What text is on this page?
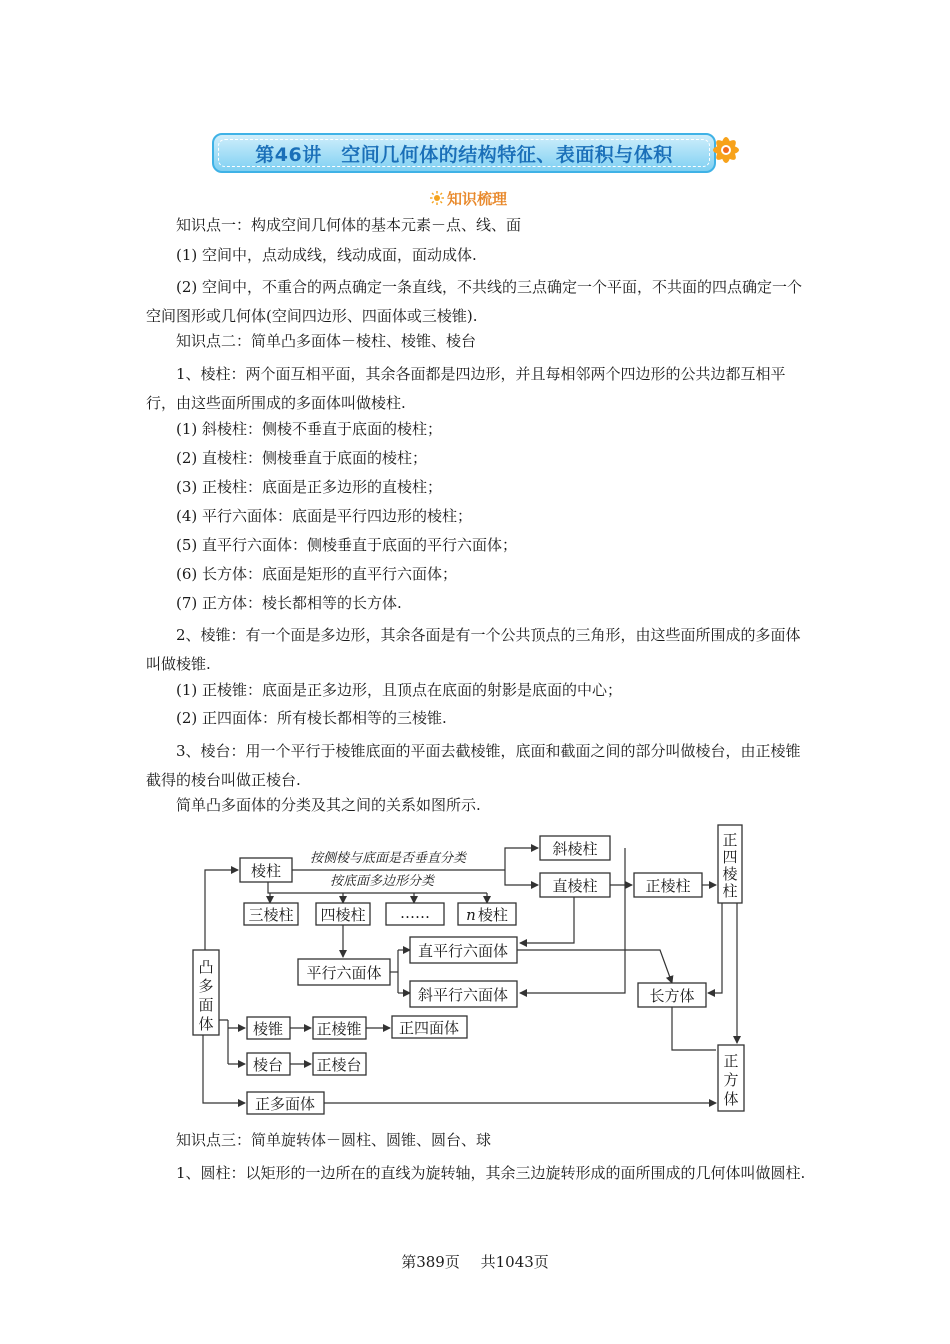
第46讲　空间几何体的结构特征、表面积与体积
知识梳理

知识点一：构成空间几何体的基本元素－点、线、面

(1) 空间中，点动成线，线动成面，面动成体.

(2) 空间中，不重合的两点确定一条直线，不共线的三点确定一个平面，不共面的四点确定一个空间图形或几何体(空间四边形、四面体或三棱锥).

知识点二：简单凸多面体－棱柱、棱锥、棱台

1、棱柱：两个面互相平面，其余各面都是四边形，并且每相邻两个四边形的公共边都互相平行，由这些面所围成的多面体叫做棱柱.

(1) 斜棱柱：侧棱不垂直于底面的棱柱；

(2) 直棱柱：侧棱垂直于底面的棱柱；

(3) 正棱柱：底面是正多边形的直棱柱；

(4) 平行六面体：底面是平行四边形的棱柱；

(5) 直平行六面体：侧棱垂直于底面的平行六面体；

(6) 长方体：底面是矩形的直平行六面体；

(7) 正方体：棱长都相等的长方体.

2、棱锥：有一个面是多边形，其余各面是有一个公共顶点的三角形，由这些面所围成的多面体叫做棱锥.

(1) 正棱锥：底面是正多边形，且顶点在底面的射影是底面的中心；

(2) 正四面体：所有棱长都相等的三棱锥.

3、棱台：用一个平行于棱锥底面的平面去截棱锥，底面和截面之间的部分叫做棱台，由正棱锥截得的棱台叫做正棱台.

简单凸多面体的分类及其之间的关系如图所示.

知识点三：简单旋转体－圆柱、圆锥、圆台、球

1、圆柱：以矩形的一边所在的直线为旋转轴，其余三边旋转形成的面所围成的几何体叫做圆柱.

按侧棱与底面是否垂直分类
按底面多边形分类
凸多面体
棱柱
斜棱柱
直棱柱	正棱柱
正四棱柱
三棱柱 四棱柱 …… n 棱柱
平行六面体
直平行六面体
斜平行六面体	长方体
棱锥 正棱锥 正四面体
棱台 正棱台
正多面体
正方体
第389页 共1043页
